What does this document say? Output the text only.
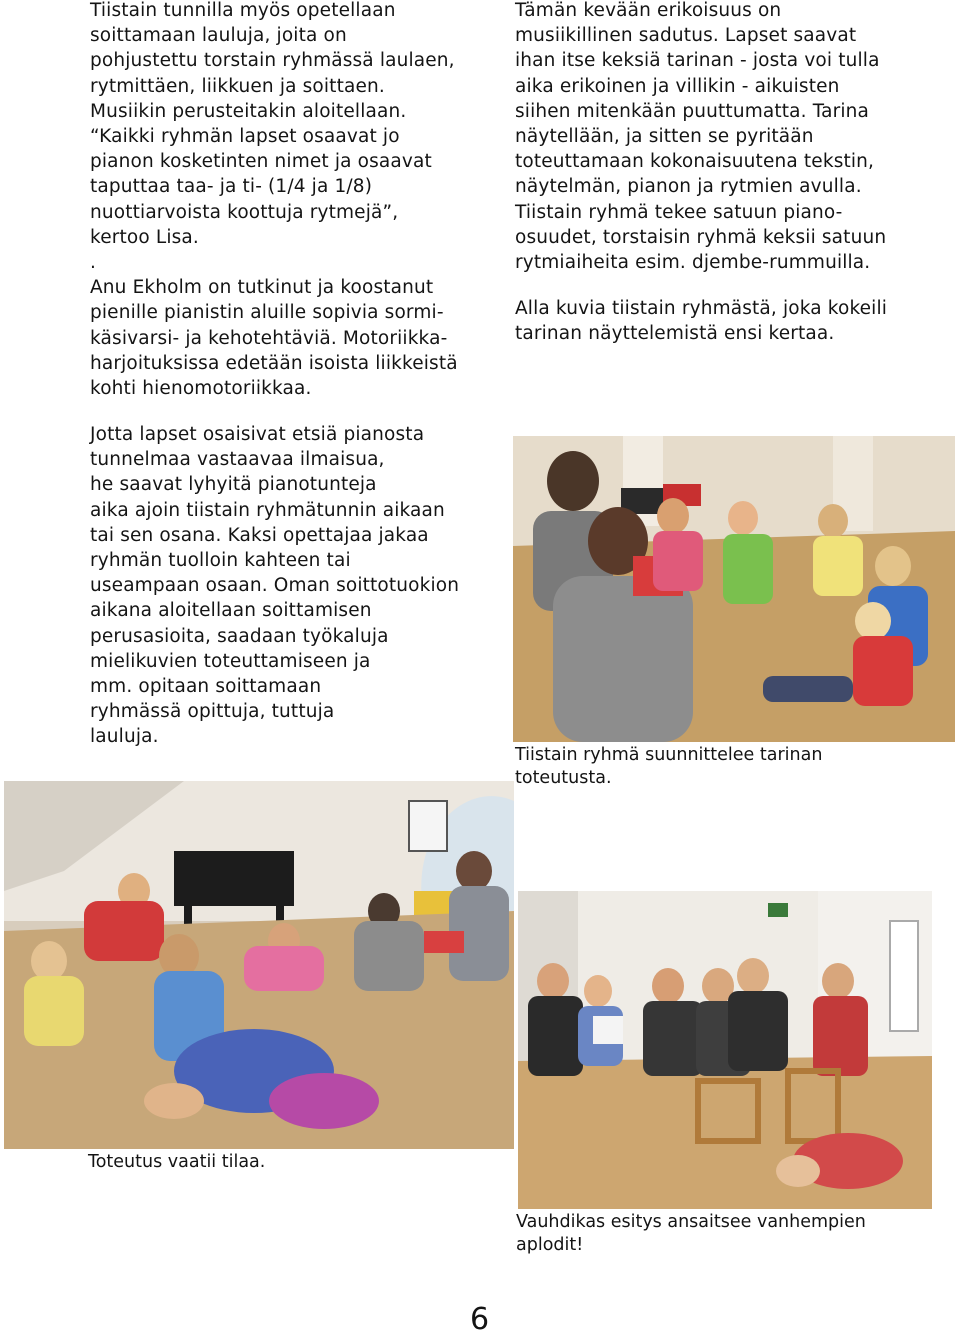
Tiistain tunnilla myös opetellaan
soittamaan lauluja, joita on
pohjustettu torstain ryhmässä laulaen,
rytmittäen, liikkuen ja soittaen.
Musiikin perusteitakin aloitellaan.
“Kaikki ryhmän lapset osaavat jo
pianon kosketinten nimet ja osaavat
taputtaa taa- ja ti- (1/4 ja 1/8)
nuottiarvoista koottuja rytmejä”,
kertoo Lisa.
.
Anu Ekholm on tutkinut ja koostanut
pienille pianistin aluille sopivia sormi-
käsivarsi- ja kehotehtäviä. Motoriikka-
harjoituksissa edetään isoista liikkeistä
kohti hienomotoriikkaa.

Jotta lapset osaisivat etsiä pianosta
tunnelmaa vastaavaa ilmaisua,
he saavat lyhyitä pianotunteja
aika ajoin tiistain ryhmätunnin aikaan
tai sen osana. Kaksi opettajaa jakaa
ryhmän tuolloin kahteen tai
useampaan osaan. Oman soittotuokion
aikana aloitellaan soittamisen
perusasioita, saadaan työkaluja
mielikuvien toteuttamiseen ja
mm. opitaan soittamaan
ryhmässä opittuja, tuttuja
lauluja.

Tämän kevään erikoisuus on
musiikillinen sadutus. Lapset saavat
ihan itse keksiä tarinan - josta voi tulla
aika erikoinen ja villikin - aikuisten
siihen mitenkään puuttumatta. Tarina
näytellään, ja sitten se pyritään
toteuttamaan kokonaisuutena tekstin,
näytelmän, pianon ja rytmien avulla.
Tiistain ryhmä tekee satuun piano-
osuudet, torstaisin ryhmä keksii satuun
rytmiaiheita esim. djembe-rummuilla.

Alla kuvia tiistain ryhmästä, joka kokeili
tarinan näyttelemistä ensi kertaa.

Tiistain ryhmä suunnittelee tarinan
toteutusta.

Toteutus vaatii tilaa.

Vauhdikas esitys ansaitsee vanhempien
aplodit!

6
